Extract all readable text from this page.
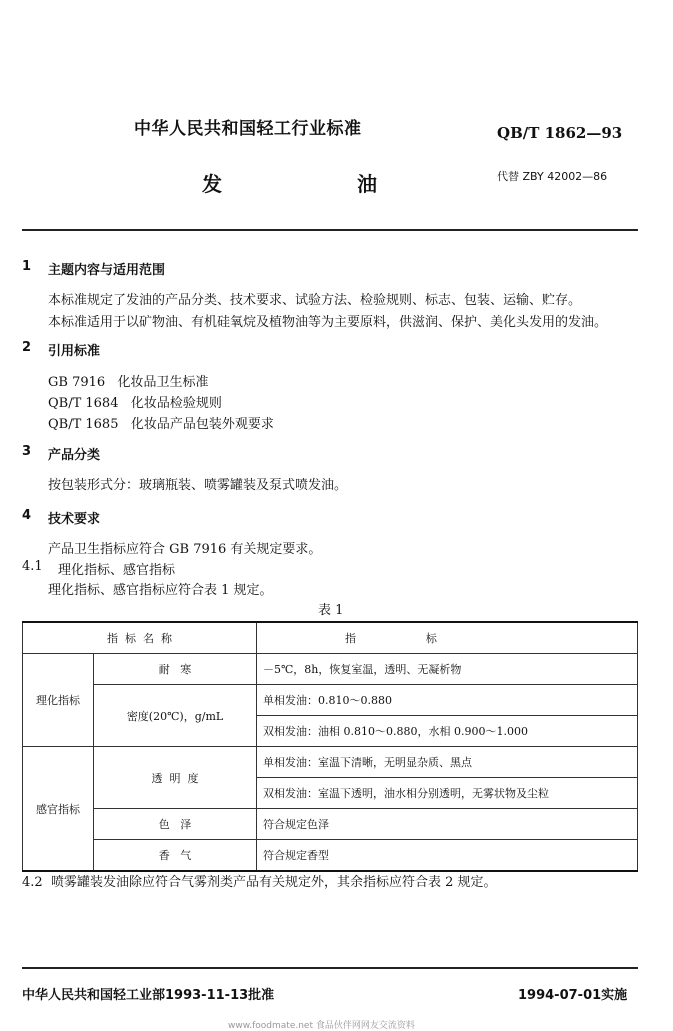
中华人民共和国轻工行业标准	QB/T 1862—93
发 油	代替 ZBY 42002—86
1 主题内容与适用范围
本标准规定了发油的产品分类、技术要求、试验方法、检验规则、标志、包装、运输、贮存。
本标准适用于以矿物油、有机硅氧烷及植物油等为主要原料，供滋润、保护、美化头发用的发油。
2 引用标准
GB 7916   化妆品卫生标准
QB/T 1684   化妆品检验规则
QB/T 1685   化妆品产品包装外观要求
3 产品分类
按包装形式分：玻璃瓶装、喷雾罐装及泵式喷发油。
4 技术要求
产品卫生指标应符合 GB 7916 有关规定要求。
4.1 理化指标、感官指标
理化指标、感官指标应符合表 1 规定。
表 1
指  标  名  称		指                    标
理化指标	耐   寒	－5℃，8h，恢复室温，透明、无凝析物
	密度(20℃)，g/mL	单相发油：0.810～0.880
		双相发油：油相 0.810～0.880，水相 0.900～1.000
感官指标	透  明  度	单相发油：室温下清晰，无明显杂质、黑点
		双相发油：室温下透明，油水相分别透明，无雾状物及尘粒
	色   泽	符合规定色泽
	香   气	符合规定香型
4.2  喷雾罐装发油除应符合气雾剂类产品有关规定外，其余指标应符合表 2 规定。
中华人民共和国轻工业部1993-11-13批准	1994-07-01实施
www.foodmate.net 食品伙伴网网友交流资料
